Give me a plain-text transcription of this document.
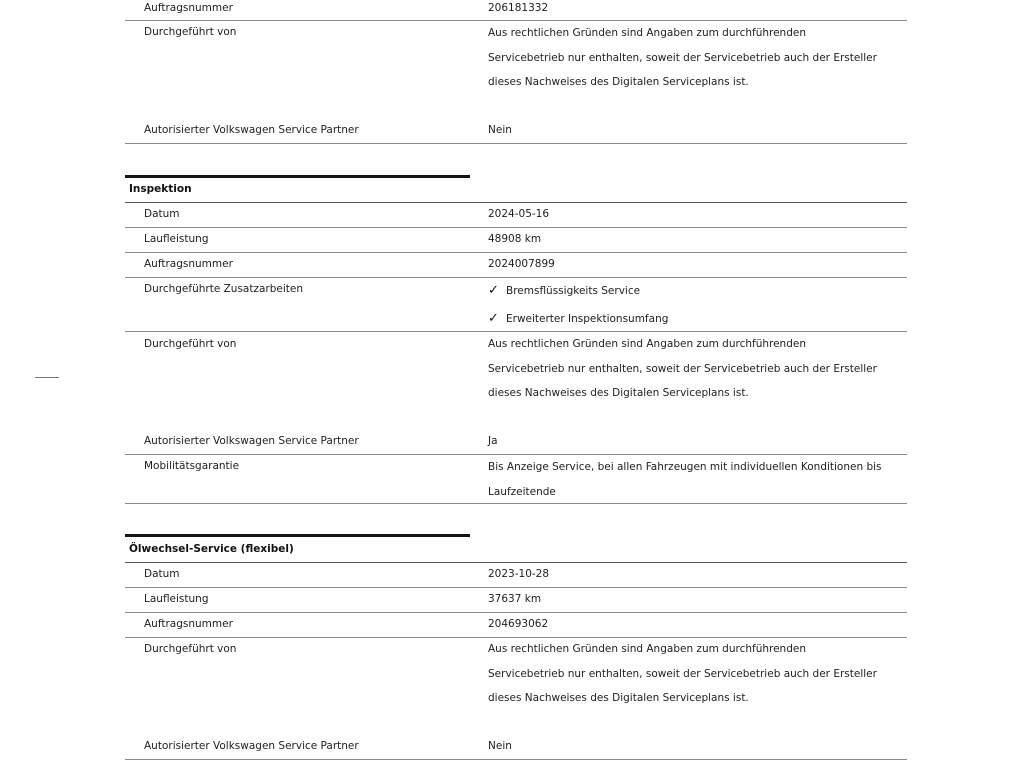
Auftragsnummer	206181332
Durchgeführt von	Aus rechtlichen Gründen sind Angaben zum durchführenden
Servicebetrieb nur enthalten, soweit der Servicebetrieb auch der Ersteller
dieses Nachweises des Digitalen Serviceplans ist.
Autorisierter Volkswagen Service Partner	Nein
Inspektion
Datum	2024-05-16
Laufleistung	48908 km
Auftragsnummer	2024007899
Durchgeführte Zusatzarbeiten	✓ Bremsflüssigkeits Service
✓ Erweiterter Inspektionsumfang
Durchgeführt von	Aus rechtlichen Gründen sind Angaben zum durchführenden
Servicebetrieb nur enthalten, soweit der Servicebetrieb auch der Ersteller
dieses Nachweises des Digitalen Serviceplans ist.
Autorisierter Volkswagen Service Partner	Ja
Mobilitätsgarantie	Bis Anzeige Service, bei allen Fahrzeugen mit individuellen Konditionen bis
Laufzeitende
Ölwechsel-Service (flexibel)
Datum	2023-10-28
Laufleistung	37637 km
Auftragsnummer	204693062
Durchgeführt von	Aus rechtlichen Gründen sind Angaben zum durchführenden
Servicebetrieb nur enthalten, soweit der Servicebetrieb auch der Ersteller
dieses Nachweises des Digitalen Serviceplans ist.
Autorisierter Volkswagen Service Partner	Nein
